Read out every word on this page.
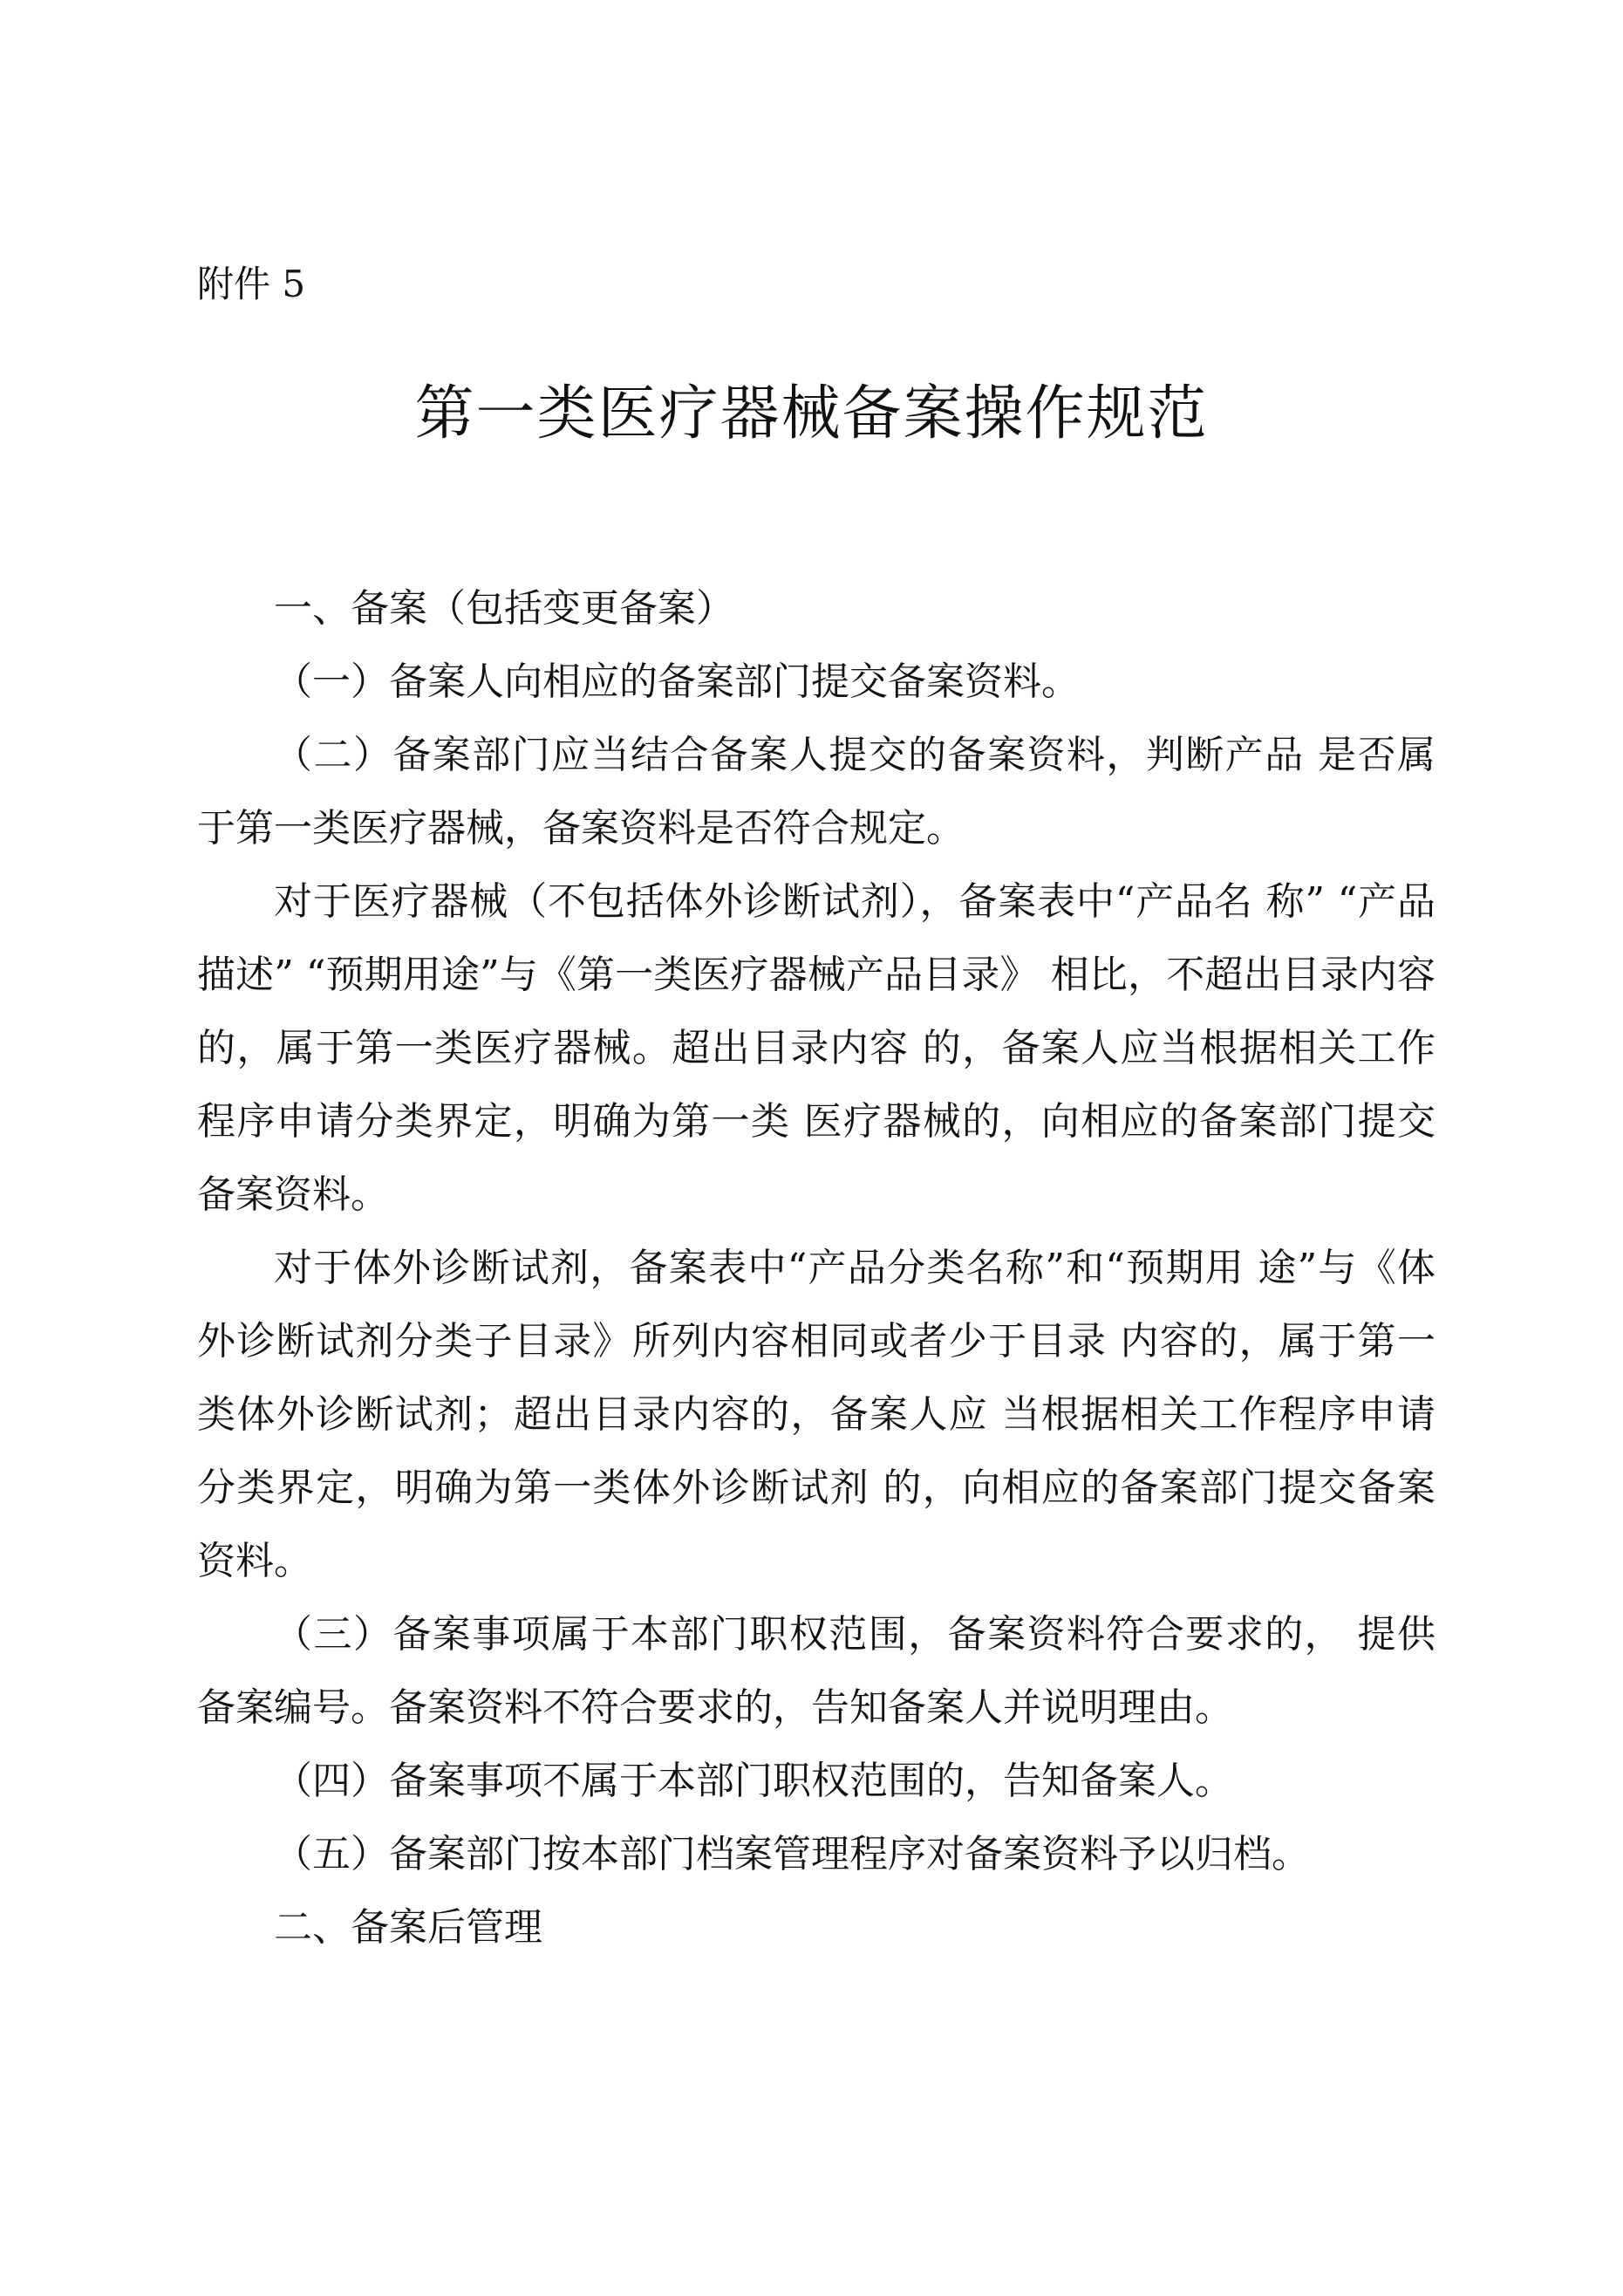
附件 5
第一类医疗器械备案操作规范

一、备案（包括变更备案）

（一）备案人向相应的备案部门提交备案资料。

（二）备案部门应当结合备案人提交的备案资料，判断产品 是否属于第一类医疗器械，备案资料是否符合规定。

对于医疗器械（不包括体外诊断试剂），备案表中“产品名 称” “产品描述” “预期用途”与《第一类医疗器械产品目录》 相比，不超出目录内容的，属于第一类医疗器械。超出目录内容 的，备案人应当根据相关工作程序申请分类界定，明确为第一类 医疗器械的，向相应的备案部门提交备案资料。

对于体外诊断试剂，备案表中“产品分类名称”和“预期用 途”与《体外诊断试剂分类子目录》所列内容相同或者少于目录 内容的，属于第一类体外诊断试剂；超出目录内容的，备案人应 当根据相关工作程序申请分类界定，明确为第一类体外诊断试剂 的，向相应的备案部门提交备案资料。

（三）备案事项属于本部门职权范围，备案资料符合要求的， 提供备案编号。备案资料不符合要求的，告知备案人并说明理由。

（四）备案事项不属于本部门职权范围的，告知备案人。

（五）备案部门按本部门档案管理程序对备案资料予以归档。

二、备案后管理
